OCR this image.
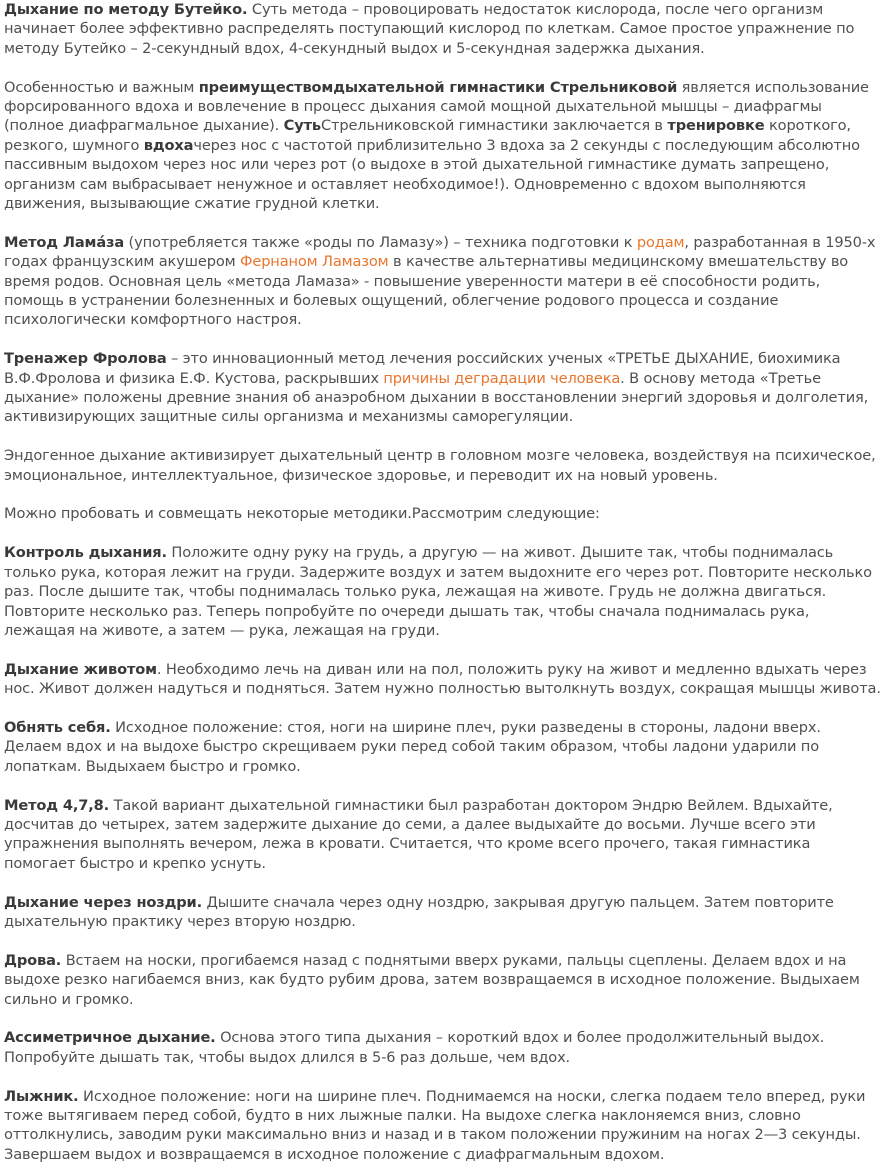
Дыхание по методу Бутейко. Суть метода – провоцировать недостаток кислорода, после чего организм начинает более эффективно распределять поступающий кислород по клеткам. Самое простое упражнение по методу Бутейко – 2-секундный вдох, 4-секундный выдох и 5-секундная задержка дыхания.

Особенностью и важным преимуществомдыхательной гимнастики Стрельниковой является использование форсированного вдоха и вовлечение в процесс дыхания самой мощной дыхательной мышцы – диафрагмы (полное диафрагмальное дыхание). СутьСтрельниковской гимнастики заключается в тренировке короткого, резкого, шумного вдохачерез нос с частотой приблизительно 3 вдоха за 2 секунды с последующим абсолютно пассивным выдохом через нос или через рот (о выдохе в этой дыхательной гимнастике думать запрещено, организм сам выбрасывает ненужное и оставляет необходимое!). Одновременно с вдохом выполняются движения, вызывающие сжатие грудной клетки.

Метод Лама́за (употребляется также «роды по Ламазу») – техника подготовки к родам, разработанная в 1950-х годах французским акушером Фернаном Ламазом в качестве альтернативы медицинскому вмешательству во время родов. Основная цель «метода Ламаза» - повышение уверенности матери в её способности родить, помощь в устранении болезненных и болевых ощущений, облегчение родового процесса и создание психологически комфортного настроя.

Тренажер Фролова – это инновационный метод лечения российских ученых «ТРЕТЬЕ ДЫХАНИЕ, биохимика В.Ф.Фролова и физика Е.Ф. Кустова, раскрывших причины деградации человека. В основу метода «Третье дыхание» положены древние знания об анаэробном дыхании в восстановлении энергий здоровья и долголетия, активизирующих защитные силы организма и механизмы саморегуляции.

Эндогенное дыхание активизирует дыхательный центр в головном мозге человека, воздействуя на психическое, эмоциональное, интеллектуальное, физическое здоровье, и переводит их на новый уровень.

Можно пробовать и совмещать некоторые методики.Рассмотрим следующие:

Контроль дыхания. Положите одну руку на грудь, а другую — на живот. Дышите так, чтобы поднималась только рука, которая лежит на груди. Задержите воздух и затем выдохните его через рот. Повторите несколько раз. После дышите так, чтобы поднималась только рука, лежащая на животе. Грудь не должна двигаться. Повторите несколько раз. Теперь попробуйте по очереди дышать так, чтобы сначала поднималась рука, лежащая на животе, а затем — рука, лежащая на груди.

Дыхание животом. Необходимо лечь на диван или на пол, положить руку на живот и медленно вдыхать через нос. Живот должен надуться и подняться. Затем нужно полностью вытолкнуть воздух, сокращая мышцы живота.

Обнять себя. Исходное положение: стоя, ноги на ширине плеч, руки разведены в стороны, ладони вверх. Делаем вдох и на выдохе быстро скрещиваем руки перед собой таким образом, чтобы ладони ударили по лопаткам. Выдыхаем быстро и громко.

Метод 4,7,8. Такой вариант дыхательной гимнастики был разработан доктором Эндрю Вейлем. Вдыхайте, досчитав до четырех, затем задержите дыхание до семи, а далее выдыхайте до восьми. Лучше всего эти упражнения выполнять вечером, лежа в кровати. Считается, что кроме всего прочего, такая гимнастика помогает быстро и крепко уснуть.

Дыхание через ноздри. Дышите сначала через одну ноздрю, закрывая другую пальцем. Затем повторите дыхательную практику через вторую ноздрю.

Дрова. Встаем на носки, прогибаемся назад с поднятыми вверх руками, пальцы сцеплены. Делаем вдох и на выдохе резко нагибаемся вниз, как будто рубим дрова, затем возвращаемся в исходное положение. Выдыхаем сильно и громко.

Ассиметричное дыхание. Основа этого типа дыхания – короткий вдох и более продолжительный выдох. Попробуйте дышать так, чтобы выдох длился в 5-6 раз дольше, чем вдох.

Лыжник. Исходное положение: ноги на ширине плеч. Поднимаемся на носки, слегка подаем тело вперед, руки тоже вытягиваем перед собой, будто в них лыжные палки. На выдохе слегка наклоняемся вниз, словно оттолкнулись, заводим руки максимально вниз и назад и в таком положении пружиним на ногах 2—3 секунды. Завершаем выдох и возвращаемся в исходное положение с диафрагмальным вдохом.
